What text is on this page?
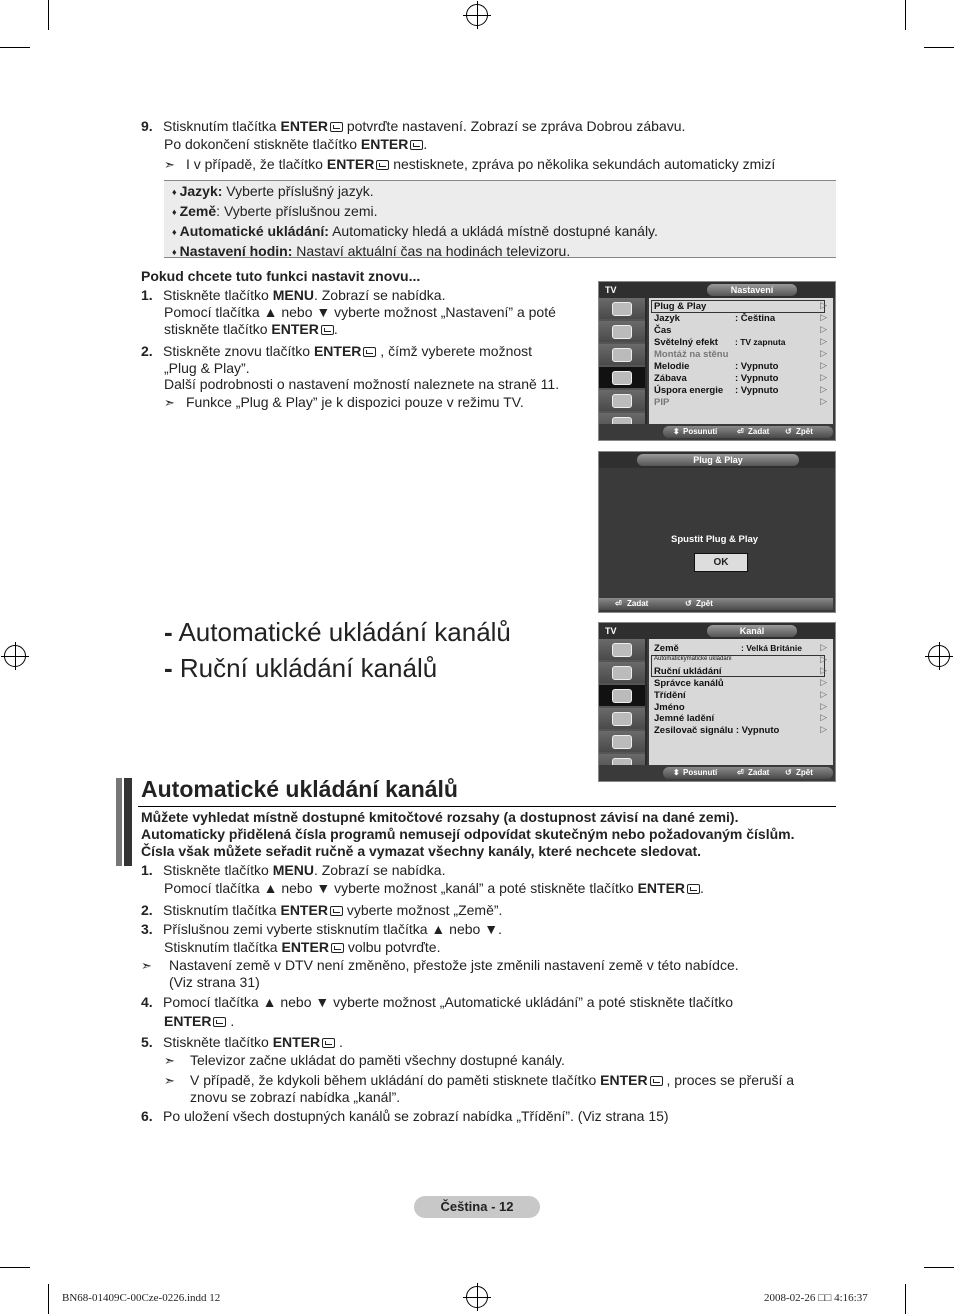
9. Stisknutím tlačítka ENTER potvrďte nastavení. Zobrazí se zpráva Dobrou zábavu.
Po dokončení stiskněte tlačítko ENTER .
➣ I v případě, že tlačítko ENTER nestisknete, zpráva po několika sekundách automaticky zmizí
♦ Jazyk: Vyberte příslušný jazyk.
♦ Země: Vyberte příslušnou zemi.
♦ Automatické ukládání: Automaticky hledá a ukládá místně dostupné kanály.
♦ Nastavení hodin: Nastaví aktuální čas na hodinách televizoru.
Pokud chcete tuto funkci nastavit znovu...
1. Stiskněte tlačítko MENU. Zobrazí se nabídka.
Pomocí tlačítka ▲ nebo ▼ vyberte možnost „Nastavení” a poté
stiskněte tlačítko ENTER .
2. Stiskněte znovu tlačítko ENTER , čímž vyberete možnost
„Plug & Play”.
Další podrobnosti o nastavení možností naleznete na straně 11.
➣ Funkce „Plug & Play” je k dispozici pouze v režimu TV.
TV	Nastavení
Plug & Play
Jazyk	: Čeština
Čas
Světelný efekt : TV zapnuta
Montáž na stěnu
Melodie	: Vypnuto
Zábava	: Vypnuto
Úspora energie : Vypnuto
PIP
▷
▷
▷
▷
▷
▷
▷
▷
▷
⬍ Posunutí ⏎ Zadat ↺ Zpět
Plug & Play
Spustit Plug & Play
OK
⏎ Zadat	↺ Zpět
TV	Kanál
Země	: Velká Británie
Automatickýmatické ukládání
Ruční ukládání
Správce kanálů
Třídění
Jméno
Jemné ladění
Zesilovač signálu : Vypnuto
▷
▷
▷
▷
▷
▷
▷
▷
⬍ Posunutí ⏎ Zadat ↺ Zpět
- Automatické ukládání kanálů
- Ruční ukládání kanálů
Automatické ukládání kanálů
Můžete vyhledat místně dostupné kmitočtové rozsahy (a dostupnost závisí na dané zemi).
Automaticky přidělená čísla programů nemusejí odpovídat skutečným nebo požadovaným číslům.
Čísla však můžete seřadit ručně a vymazat všechny kanály, které nechcete sledovat.
1. Stiskněte tlačítko MENU. Zobrazí se nabídka.
Pomocí tlačítka ▲ nebo ▼ vyberte možnost „kanál” a poté stiskněte tlačítko ENTER .
2. Stisknutím tlačítka ENTER vyberte možnost „Země”.
3. Příslušnou zemi vyberte stisknutím tlačítka ▲ nebo ▼.
Stisknutím tlačítka ENTER volbu potvrďte.
➣ Nastavení země v DTV není změněno, přestože jste změnili nastavení země v této nabídce.
(Viz strana 31)
4. Pomocí tlačítka ▲ nebo ▼ vyberte možnost „Automatické ukládání” a poté stiskněte tlačítko
ENTER .
5. Stiskněte tlačítko ENTER .
➣ Televizor začne ukládat do paměti všechny dostupné kanály.
➣ V případě, že kdykoli během ukládání do paměti stisknete tlačítko ENTER , proces se přeruší a
znovu se zobrazí nabídka „kanál”.
6. Po uložení všech dostupných kanálů se zobrazí nabídka „Třídění”. (Viz strana 15)
Čeština - 12
BN68-01409C-00Cze-0226.indd 12	2008-02-26 □□ 4:16:37
